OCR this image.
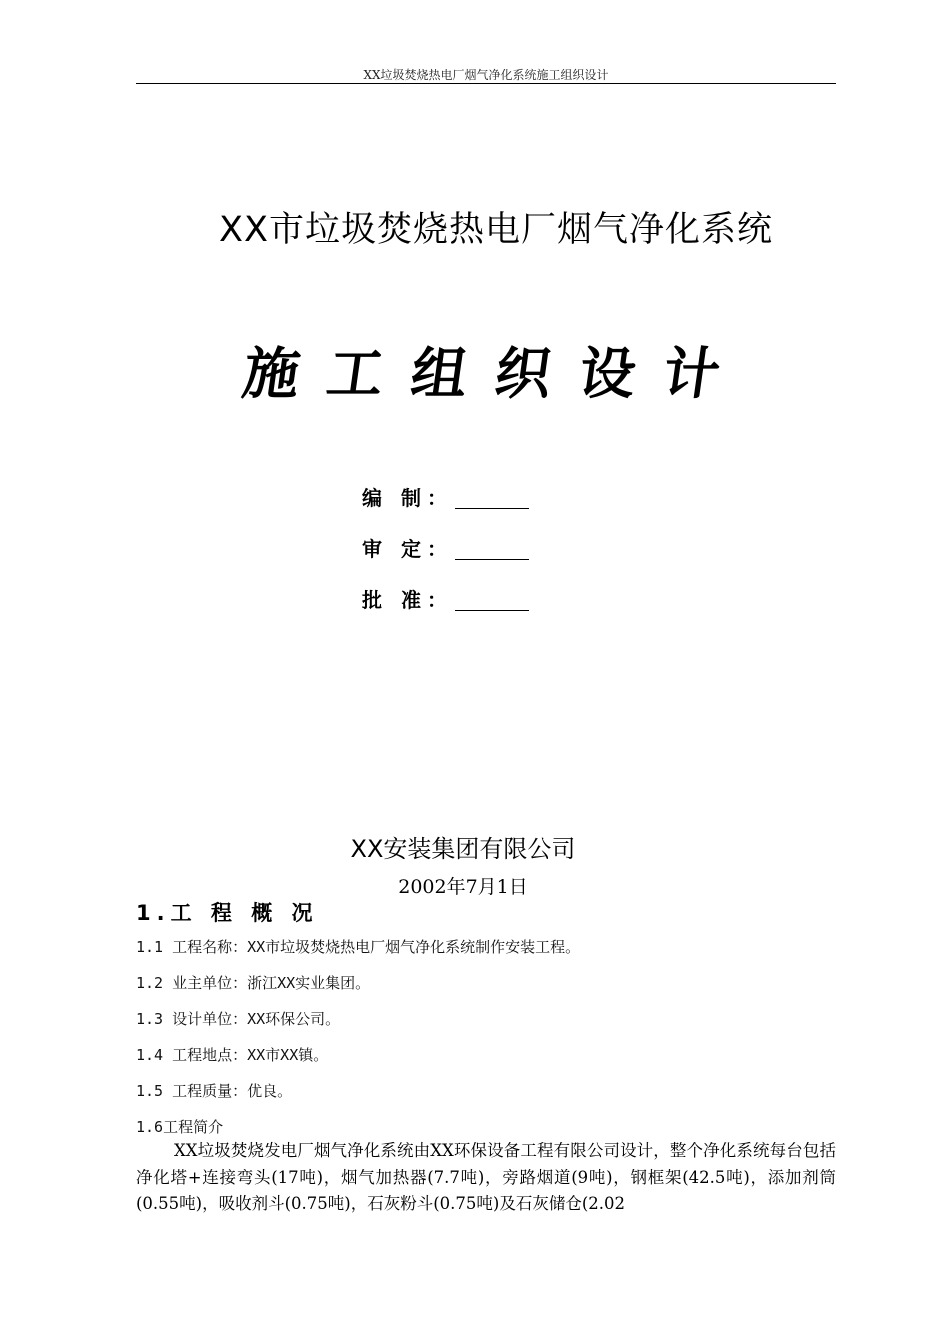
XX垃圾焚烧热电厂烟气净化系统施工组织设计
XX市垃圾焚烧热电厂烟气净化系统
施工组织设计
编 制：
审 定：
批 准：
XX安装集团有限公司
2002年7月1日
1.工 程 概 况
1.1 工程名称：XX市垃圾焚烧热电厂烟气净化系统制作安装工程。
1.2 业主单位：浙江XX实业集团。
1.3 设计单位：XX环保公司。
1.4 工程地点：XX市XX镇。
1.5 工程质量：优良。
1.6工程简介

XX垃圾焚烧发电厂烟气净化系统由XX环保设备工程有限公司设计，整个净化系统每台包括净化塔+连接弯头(17吨)，烟气加热器(7.7吨)，旁路烟道(9吨)，钢框架(42.5吨)，添加剂筒(0.55吨)，吸收剂斗(0.75吨)，石灰粉斗(0.75吨)及石灰储仓(2.02
